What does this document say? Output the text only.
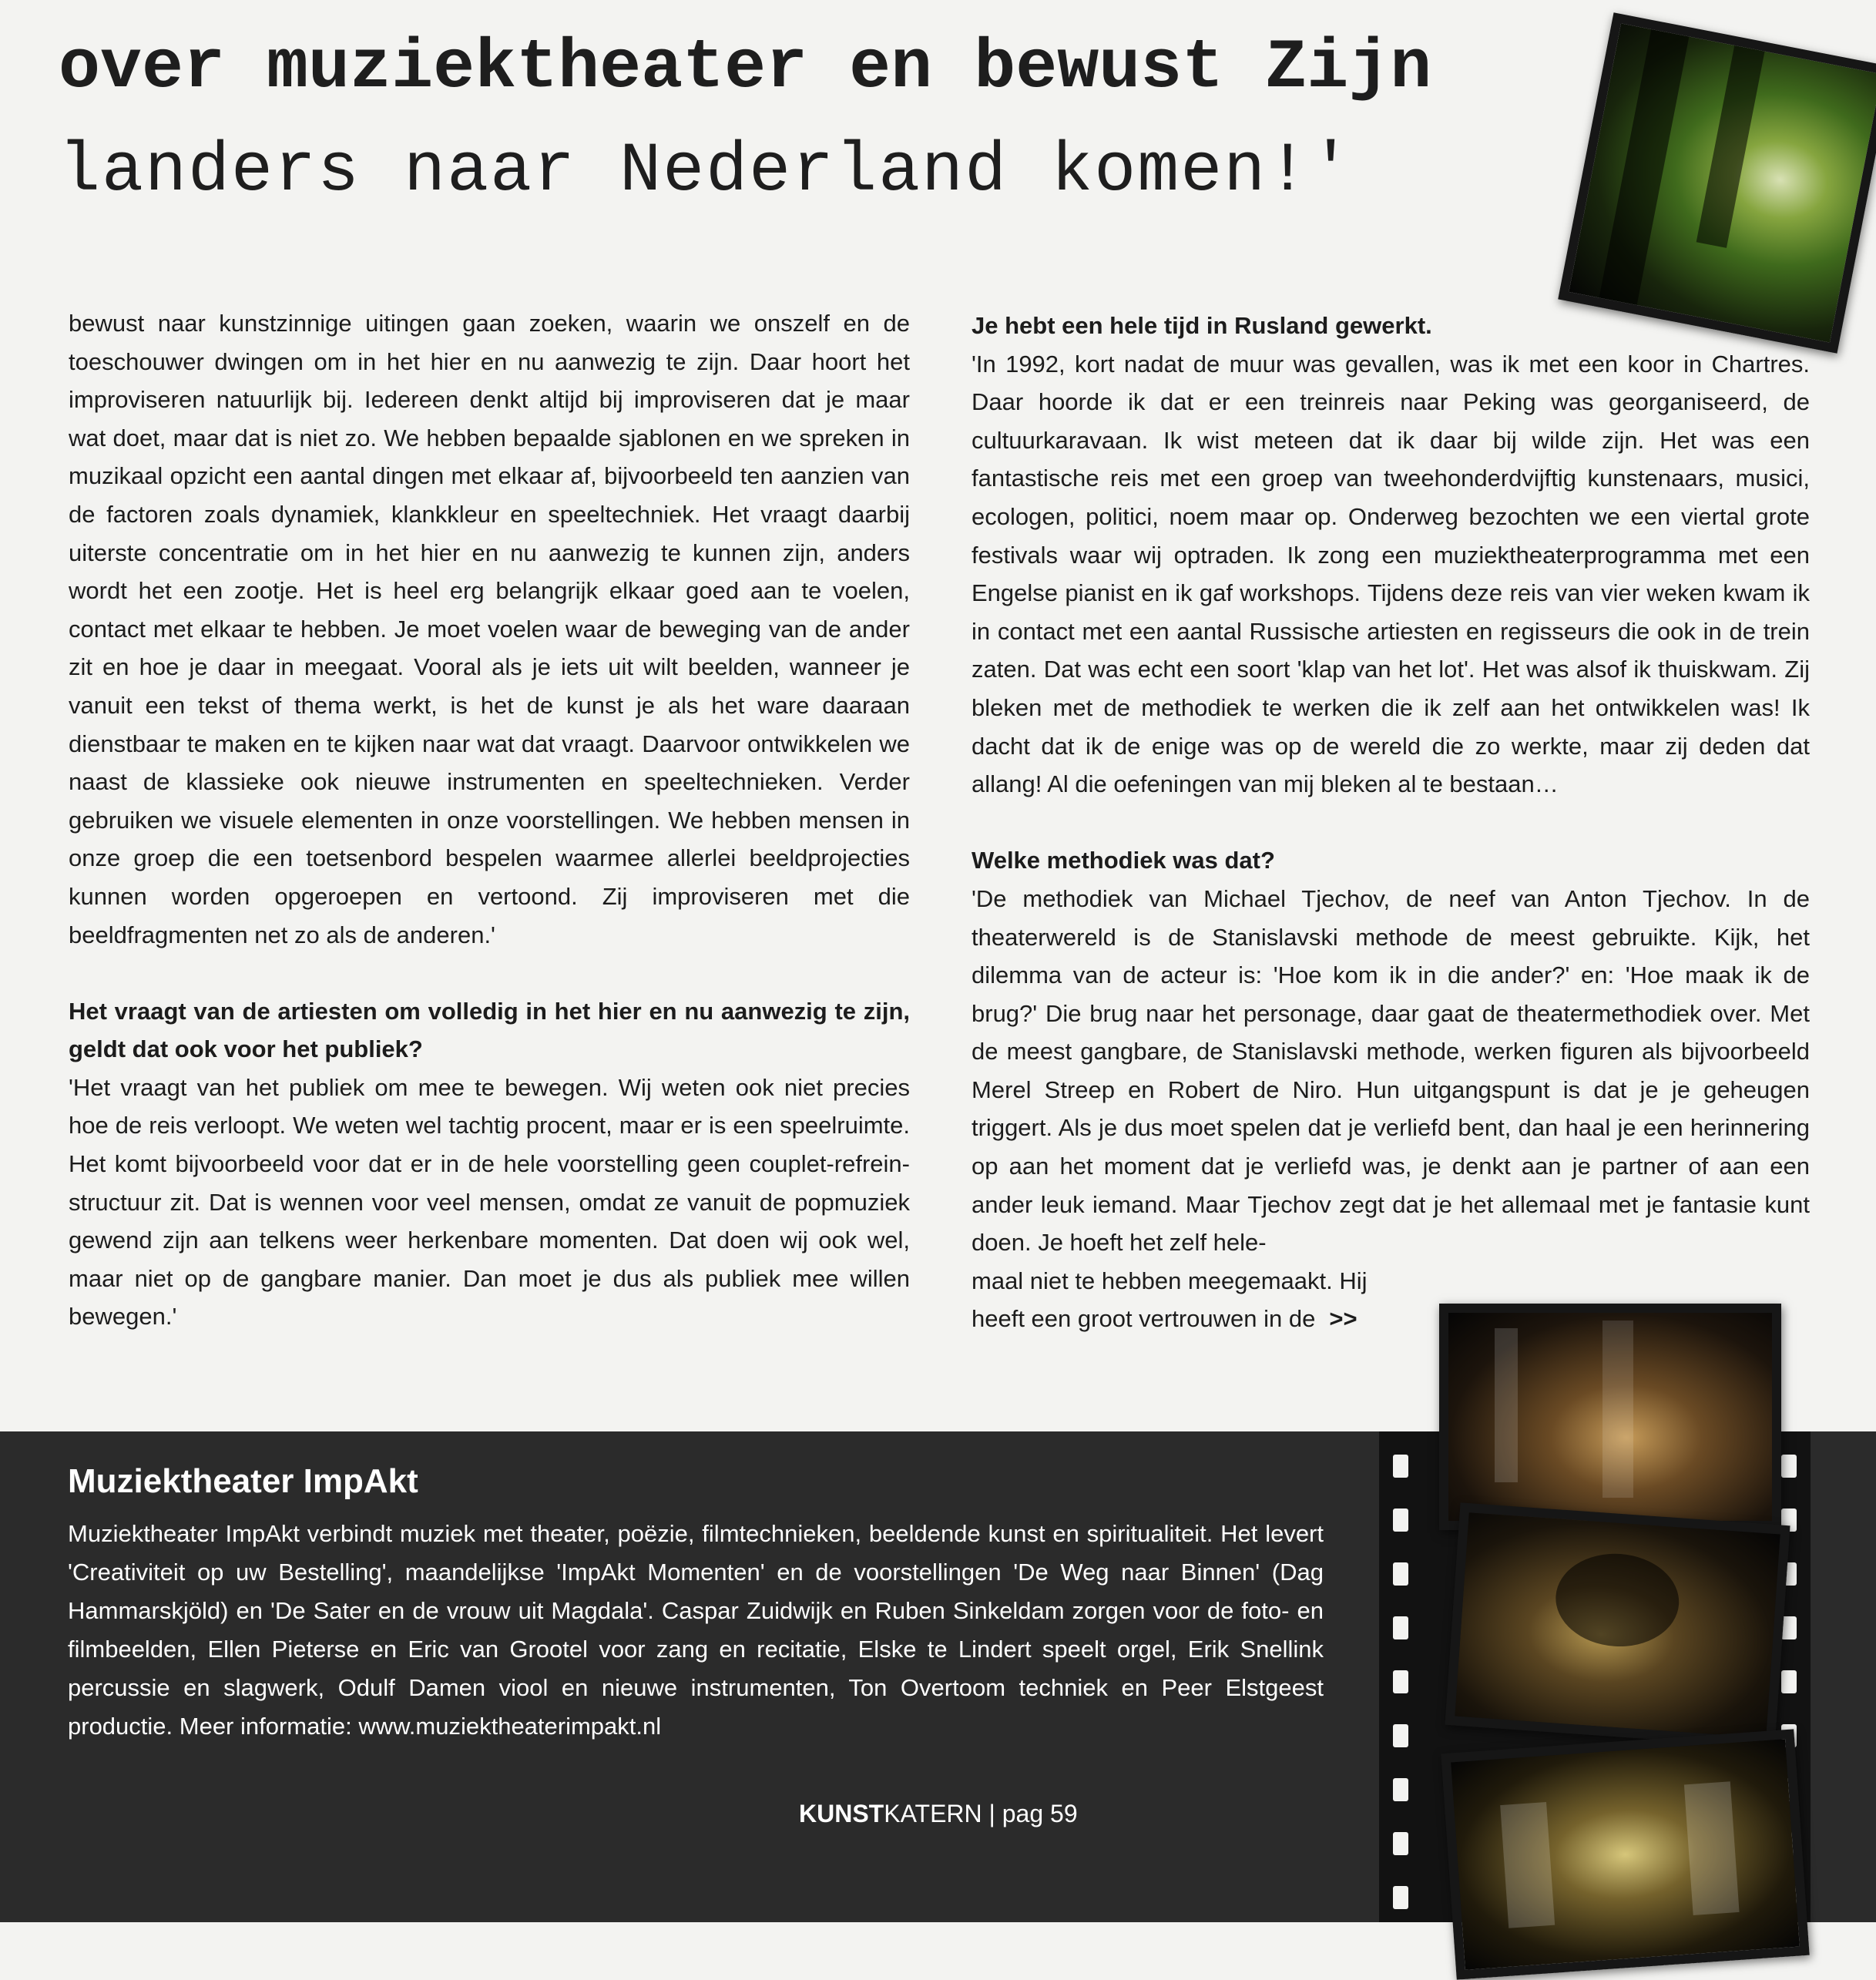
over muziektheater en bewust Zijn
landers naar Nederland komen!'

bewust naar kunstzinnige uitingen gaan zoeken, waarin we onszelf en de toeschouwer dwingen om in het hier en nu aanwezig te zijn. Daar hoort het improviseren natuurlijk bij. Iedereen denkt altijd bij improviseren dat je maar wat doet, maar dat is niet zo. We hebben bepaalde sjablonen en we spreken in muzikaal opzicht een aantal dingen met elkaar af, bijvoorbeeld ten aanzien van de factoren zoals dynamiek, klankkleur en speeltechniek. Het vraagt daarbij uiterste concentratie om in het hier en nu aanwezig te kunnen zijn, anders wordt het een zootje. Het is heel erg belangrijk elkaar goed aan te voelen, contact met elkaar te hebben. Je moet voelen waar de beweging van de ander zit en hoe je daar in meegaat. Vooral als je iets uit wilt beelden, wanneer je vanuit een tekst of thema werkt, is het de kunst je als het ware daaraan dienstbaar te maken en te kijken naar wat dat vraagt. Daarvoor ontwikkelen we naast de klassieke ook nieuwe instrumenten en speeltechnieken. Verder gebruiken we visuele elementen in onze voorstellingen. We hebben mensen in onze groep die een toetsenbord bespelen waarmee allerlei beeldprojecties kunnen worden opgeroepen en vertoond. Zij improviseren met die beeldfragmenten net zo als de anderen.'

Het vraagt van de artiesten om volledig in het hier en nu aanwezig te zijn, geldt dat ook voor het publiek?

'Het vraagt van het publiek om mee te bewegen. Wij weten ook niet precies hoe de reis verloopt. We weten wel tachtig procent, maar er is een speelruimte. Het komt bijvoorbeeld voor dat er in de hele voorstelling geen couplet-refrein-structuur zit. Dat is wennen voor veel mensen, omdat ze vanuit de popmuziek gewend zijn aan telkens weer herkenbare momenten. Dat doen wij ook wel, maar niet op de gangbare manier. Dan moet je dus als publiek mee willen bewegen.'

Je hebt een hele tijd in Rusland gewerkt.

'In 1992, kort nadat de muur was gevallen, was ik met een koor in Chartres. Daar hoorde ik dat er een treinreis naar Peking was georganiseerd, de cultuurkaravaan. Ik wist meteen dat ik daar bij wilde zijn. Het was een fantastische reis met een groep van tweehonderdvijftig kunstenaars, musici, ecologen, politici, noem maar op. Onderweg bezochten we een viertal grote festivals waar wij optraden. Ik zong een muziektheaterprogramma met een Engelse pianist en ik gaf workshops. Tijdens deze reis van vier weken kwam ik in contact met een aantal Russische artiesten en regisseurs die ook in de trein zaten. Dat was echt een soort 'klap van het lot'. Het was alsof ik thuiskwam. Zij bleken met de methodiek te werken die ik zelf aan het ontwikkelen was! Ik dacht dat ik de enige was op de wereld die zo werkte, maar zij deden dat allang! Al die oefeningen van mij bleken al te bestaan…

Welke methodiek was dat?

'De methodiek van Michael Tjechov, de neef van Anton Tjechov. In de theaterwereld is de Stanislavski methode de meest gebruikte. Kijk, het dilemma van de acteur is: 'Hoe kom ik in die ander?' en: 'Hoe maak ik de brug?' Die brug naar het personage, daar gaat de theatermethodiek over. Met de meest gangbare, de Stanislavski methode, werken figuren als bijvoorbeeld Merel Streep en Robert de Niro. Hun uitgangspunt is dat je je geheugen triggert. Als je dus moet spelen dat je verliefd bent, dan haal je een herinnering op aan het moment dat je verliefd was, je denkt aan je partner of aan een ander leuk iemand. Maar Tjechov zegt dat je het allemaal met je fantasie kunt doen. Je hoeft het zelf hele-

maal niet te hebben meegemaakt. Hij

heeft een groot vertrouwen in de >>

Muziektheater ImpAkt

Muziektheater ImpAkt verbindt muziek met theater, poëzie, filmtechnieken, beeldende kunst en spiritualiteit. Het levert 'Creativiteit op uw Bestelling', maandelijkse 'ImpAkt Momenten' en de voorstellingen 'De Weg naar Binnen' (Dag Hammarskjöld) en 'De Sater en de vrouw uit Magdala'. Caspar Zuidwijk en Ruben Sinkeldam zorgen voor de foto- en filmbeelden, Ellen Pieterse en Eric van Grootel voor zang en recitatie, Elske te Lindert speelt orgel, Erik Snellink percussie en slagwerk, Odulf Damen viool en nieuwe instrumenten, Ton Overtoom techniek en Peer Elstgeest productie. Meer informatie: www.muziektheaterimpakt.nl

KUNSTKATERN | pag 59
